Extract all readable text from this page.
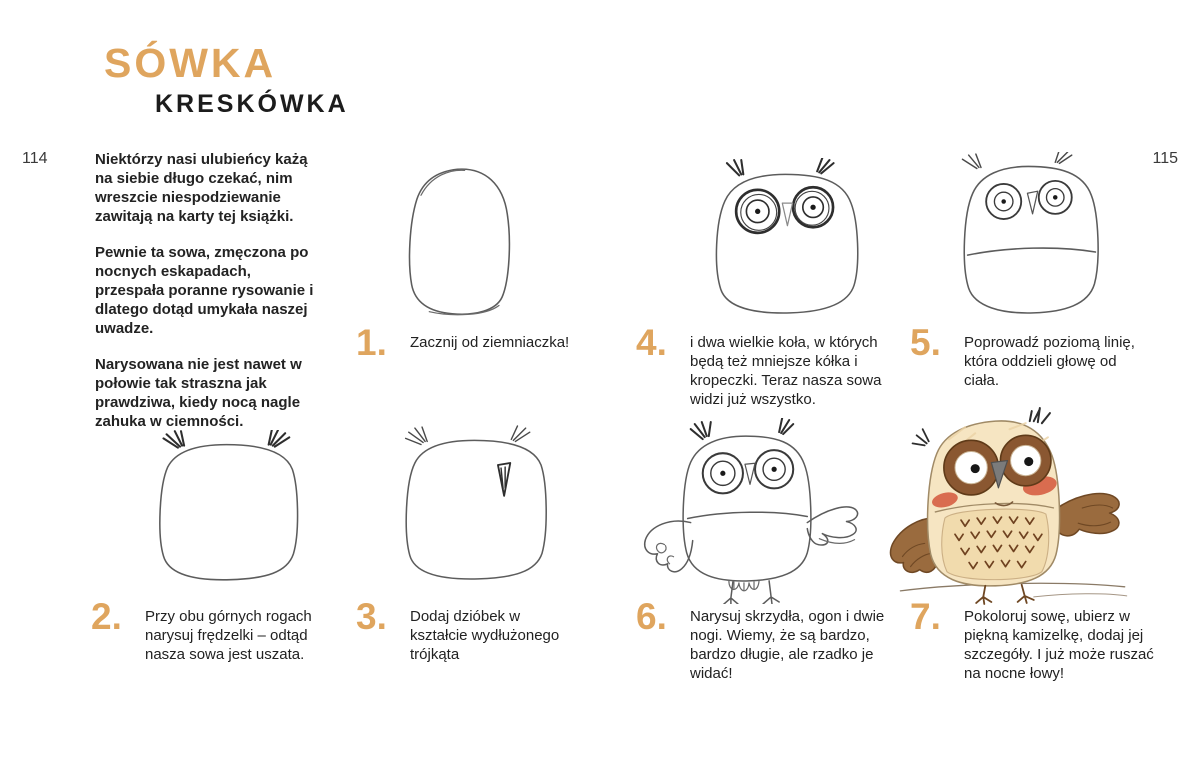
SÓWKA
KRESKÓWKA
114	115

Niektórzy nasi ulubieńcy każą na siebie długo czekać, nim wreszcie niespodziewanie zawitają na karty tej książki.

Pewnie ta sowa, zmęczona po nocnych eskapadach, przespała poranne rysowanie i dlatego dotąd umykała naszej uwadze.

Narysowana nie jest nawet w połowie tak straszna jak prawdziwa, kiedy nocą nagle zahuka w ciemności.

1.	Zacznij od ziemniaczka! 4.	i dwa wielkie koła, w których będą też mniejsze kółka i kropeczki. Teraz nasza sowa widzi już wszystko.
5.	Poprowadź poziomą linię, która oddzieli głowę od ciała.
2.	Przy obu górnych rogach narysuj frędzelki – odtąd nasza sowa jest uszata.
3.	Dodaj dzióbek w kształcie wydłużonego trójkąta
6.	Narysuj skrzydła, ogon i dwie nogi. Wiemy, że są bardzo, bardzo długie, ale rzadko je widać!
7.	Pokoloruj sowę, ubierz w piękną kamizelkę, dodaj jej szczegóły. I już może ruszać na nocne łowy!
